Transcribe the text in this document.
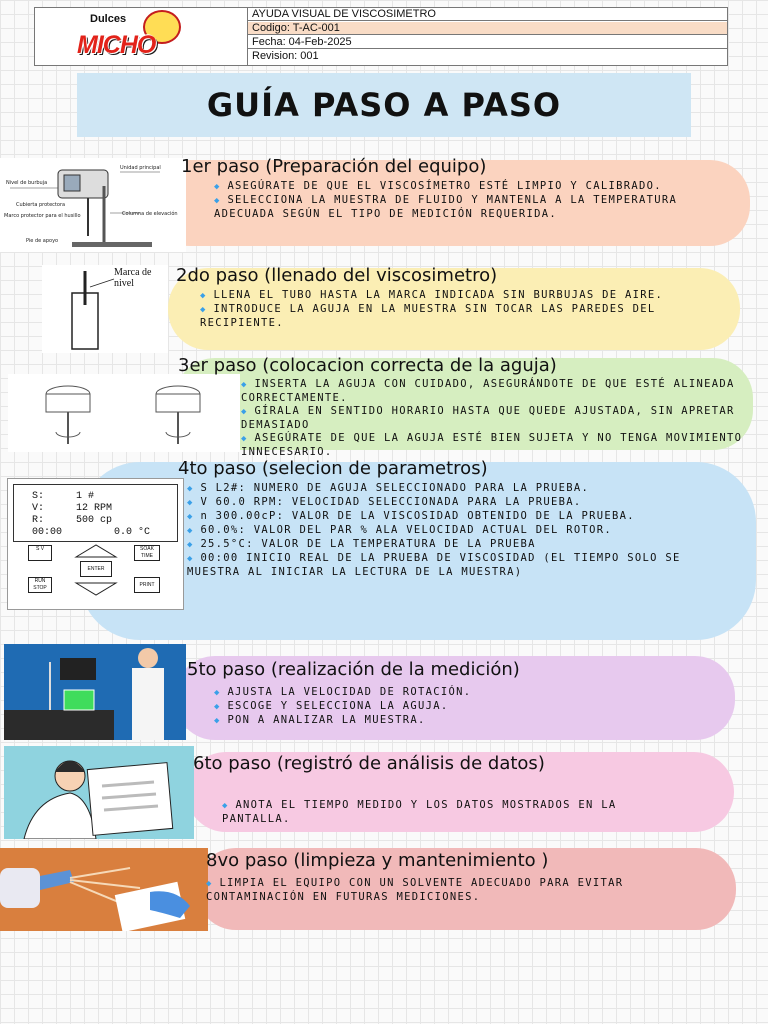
Dulces
MICHO
AYUDA VISUAL DE VISCOSIMETRO
Codigo: T-AC-001
Fecha: 04-Feb-2025
Revision: 001
GUÍA PASO A PASO
Nivel de burbuja
Unidad principal
Columna de elevación
Cubierta protectora
Marco protector para el husillo
Pie de apoyo
1er paso (Preparación del equipo)
◆ ASEGÚRATE DE QUE EL VISCOSÍMETRO ESTÉ LIMPIO Y CALIBRADO.
◆ SELECCIONA LA MUESTRA DE FLUIDO Y MANTENLA A LA TEMPERATURA ADECUADA SEGÚN EL TIPO DE MEDICIÓN REQUERIDA.
Marca de nivel	2do paso (llenado del viscosimetro)
◆ LLENA EL TUBO HASTA LA MARCA INDICADA SIN BURBUJAS DE AIRE.
◆ INTRODUCE LA AGUJA EN LA MUESTRA SIN TOCAR LAS PAREDES DEL RECIPIENTE.
3er paso (colocacion correcta de la aguja)
◆ INSERTA LA AGUJA CON CUIDADO, ASEGURÁNDOTE DE QUE ESTÉ ALINEADA CORRECTAMENTE.
◆ GÍRALA EN SENTIDO HORARIO HASTA QUE QUEDE AJUSTADA, SIN APRETAR DEMASIADO
◆ ASEGÚRATE DE QUE LA AGUJA ESTÉ BIEN SUJETA Y NO TENGA MOVIMIENTO INNECESARIO.
S:	1 #
V:	12 RPM
R:	500 cp
00:00	0.0 °C
S V	SOAK TIME
ENTER
RUN STOP	PRINT
4to paso (selecion de parametros)
◆ S L2#: NUMERO DE AGUJA SELECCIONADO PARA LA PRUEBA.
◆ V 60.0 RPM: VELOCIDAD SELECCIONADA PARA LA PRUEBA.
◆ n 300.00cP: VALOR DE LA VISCOSIDAD OBTENIDO DE LA PRUEBA.
◆ 60.0%: VALOR DEL PAR % ALA VELOCIDAD ACTUAL DEL ROTOR.
◆ 25.5°C: VALOR DE LA TEMPERATURA DE LA PRUEBA
◆ 00:00 INICIO REAL DE LA PRUEBA DE VISCOSIDAD (EL TIEMPO SOLO SE MUESTRA AL INICIAR LA LECTURA DE LA MUESTRA)
5to paso (realización de la medición)
◆ AJUSTA LA VELOCIDAD DE ROTACIÓN.
◆ ESCOGE Y SELECCIONA LA AGUJA.
◆ PON A ANALIZAR LA MUESTRA.
6to paso (registró de análisis de datos)
◆ ANOTA EL TIEMPO MEDIDO Y LOS DATOS MOSTRADOS EN LA PANTALLA.
8vo paso (limpieza y mantenimiento )
◆ LIMPIA EL EQUIPO CON UN SOLVENTE ADECUADO PARA EVITAR CONTAMINACIÓN EN FUTURAS MEDICIONES.
